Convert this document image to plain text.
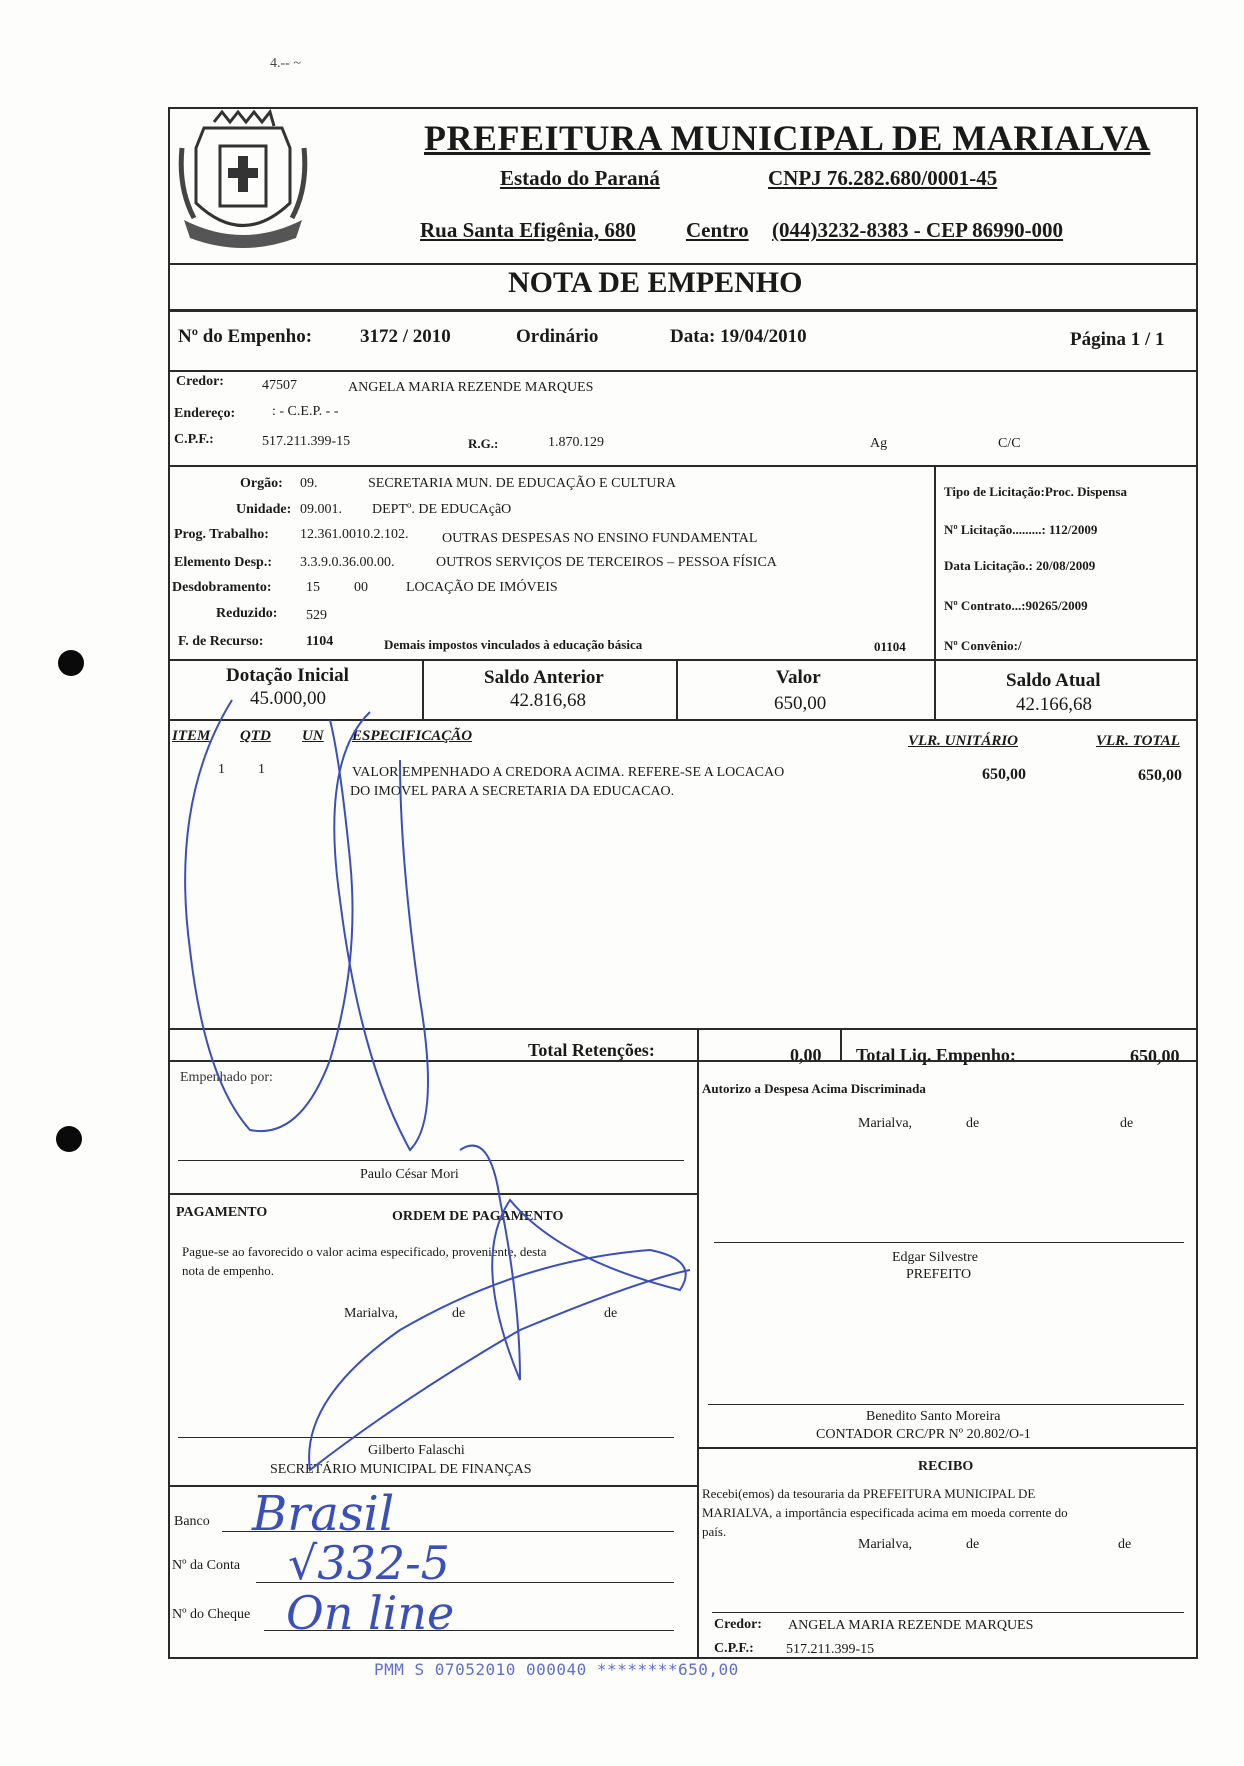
4.-- ~
PREFEITURA MUNICIPAL DE MARIALVA
Estado do Paraná	CNPJ 76.282.680/0001-45
Rua Santa Efigênia, 680 Centro (044)3232-8383 - CEP 86990-000
NOTA DE EMPENHO
Nº do Empenho:	3172 / 2010	Ordinário	Data: 19/04/2010	Página 1 / 1
Credor:	47507	ANGELA MARIA REZENDE MARQUES
Endereço:	: - C.E.P. - -
C.P.F.:	517.211.399-15	R.G.:	1.870.129	Ag	C/C
Orgão: 09.	SECRETARIA MUN. DE EDUCAÇÃO E CULTURA
Unidade: 09.001. DEPTº. DE EDUCAçãO
Prog. Trabalho: 12.361.0010.2.102. OUTRAS DESPESAS NO ENSINO FUNDAMENTAL
Elemento Desp.: 3.3.9.0.36.00.00.	OUTROS SERVIÇOS DE TERCEIROS – PESSOA FÍSICA
Desdobramento: 15 00	LOCAÇÃO DE IMÓVEIS
Reduzido: 529
F. de Recurso:	1104	Demais impostos vinculados à educação básica	01104
Tipo de Licitação:Proc. Dispensa
Nº Licitação.........: 112/2009
Data Licitação.: 20/08/2009
Nº Contrato...:90265/2009
Nº Convênio:/
Dotação Inicial
45.000,00
Saldo Anterior
42.816,68
Valor
650,00
Saldo Atual
42.166,68
ITEM QTD UN ESPECIFICAÇÃO	VLR. UNITÁRIO	VLR. TOTAL
1 1	VALOR EMPENHADO A CREDORA ACIMA. REFERE-SE A LOCACAO
DO IMOVEL PARA A SECRETARIA DA EDUCACAO.
650,00	650,00
Total Retenções:	0,00 Total Liq. Empenho:	650,00
Empenhado por:
Paulo César Mori
PAGAMENTO	ORDEM DE PAGAMENTO
Pague-se ao favorecido o valor acima especificado, proveniente, desta
nota de empenho.
Marialva,	de	de
Gilberto Falaschi
SECRETÁRIO MUNICIPAL DE FINANÇAS
Banco Brasil
Nº da Conta √332-5
Nº do Cheque On line
Autorizo a Despesa Acima Discriminada
Marialva,	de	de
Edgar Silvestre
PREFEITO
Benedito Santo Moreira
CONTADOR CRC/PR Nº 20.802/O-1
RECIBO
Recebi(emos) da tesouraria da PREFEITURA MUNICIPAL DE
MARIALVA, a importância especificada acima em moeda corrente do
país.
Marialva,	de	de
Credor: ANGELA MARIA REZENDE MARQUES
C.P.F.: 517.211.399-15
PMM S 07052010 000040 ********650,00
